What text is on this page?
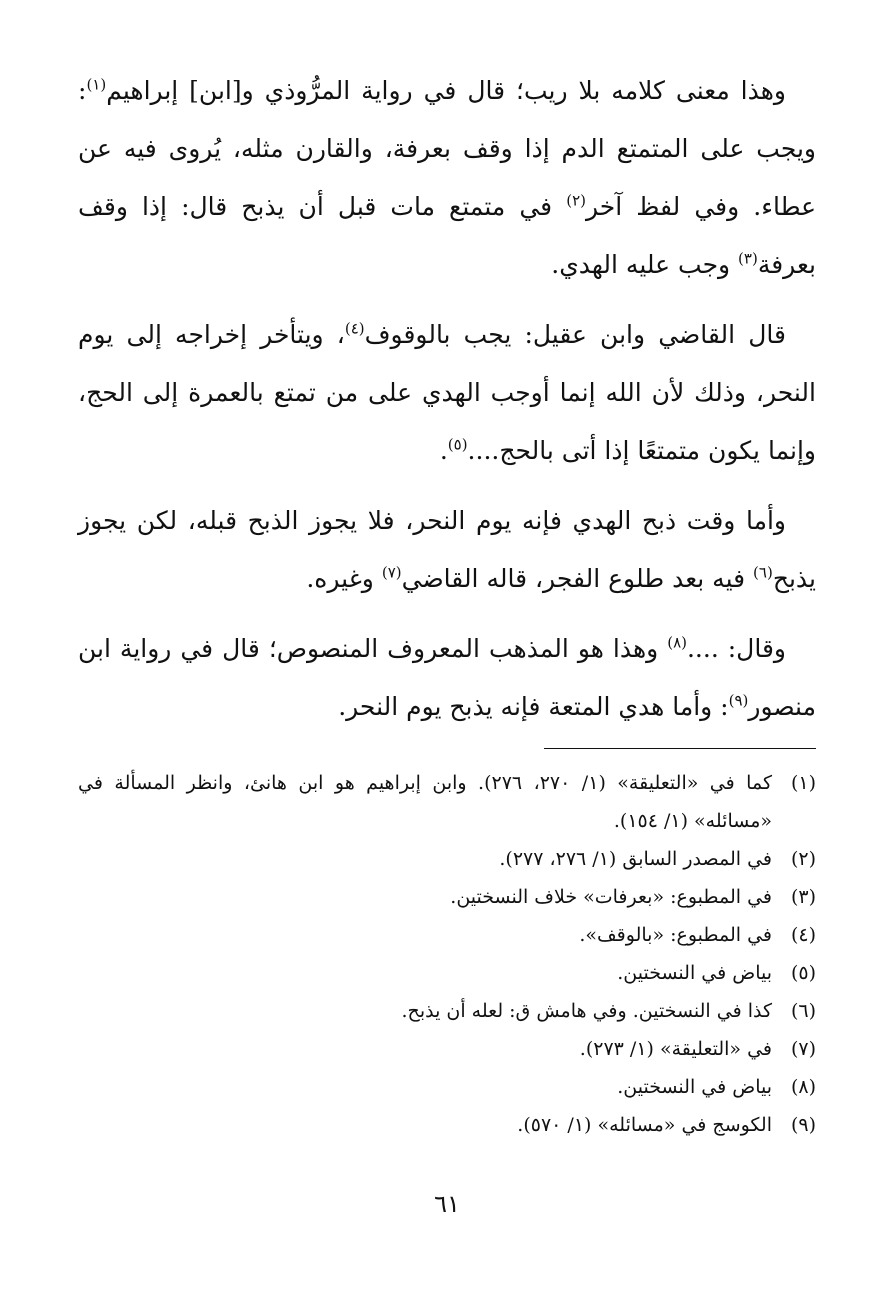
وهذا معنى كلامه بلا ريب؛ قال في رواية المرُّوذي و[ابن] إبراهيم$^{(١)}$: ويجب على المتمتع الدم إذا وقف بعرفة، والقارن مثله، يُروى فيه عن عطاء. وفي لفظ آخر$^{(٢)}$ في متمتع مات قبل أن يذبح قال: إذا وقف بعرفة$^{(٣)}$ وجب عليه الهدي.

قال القاضي وابن عقيل: يجب بالوقوف$^{(٤)}$، ويتأخر إخراجه إلى يوم النحر، وذلك لأن الله إنما أوجب الهدي على من تمتع بالعمرة إلى الحج، وإنما يكون متمتعًا إذا أتى بالحج....$^{(٥)}$.

وأما وقت ذبح الهدي فإنه يوم النحر، فلا يجوز الذبح قبله، لكن يجوز يذبح$^{(٦)}$ فيه بعد طلوع الفجر، قاله القاضي$^{(٧)}$ وغيره.

وقال: ....$^{(٨)}$ وهذا هو المذهب المعروف المنصوص؛ قال في رواية ابن منصور$^{(٩)}$: وأما هدي المتعة فإنه يذبح يوم النحر.

(١)
كما في «التعليقة» (١/ ٢٧٠، ٢٧٦). وابن إبراهيم هو ابن هانئ، وانظر المسألة في «مسائله» (١/ ١٥٤).
(٢)
في المصدر السابق (١/ ٢٧٦، ٢٧٧).
(٣)
في المطبوع: «بعرفات» خلاف النسختين.
(٤)
في المطبوع: «بالوقف».
(٥)
بياض في النسختين.
(٦)
كذا في النسختين. وفي هامش ق: لعله أن يذبح.
(٧)
في «التعليقة» (١/ ٢٧٣).
(٨)
بياض في النسختين.
(٩)
الكوسج في «مسائله» (١/ ٥٧٠).
٦١
